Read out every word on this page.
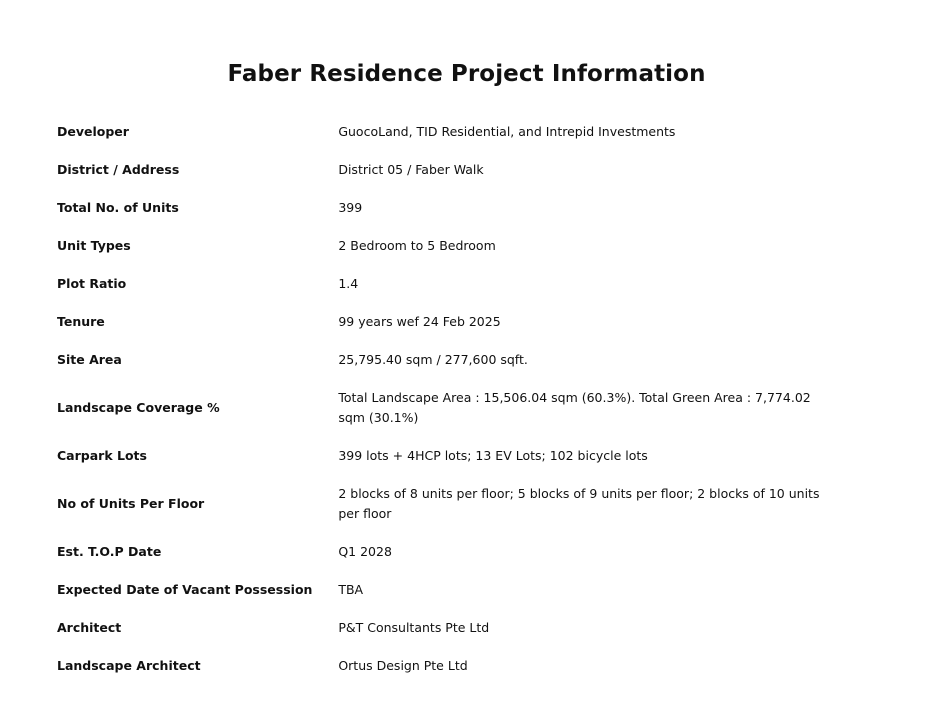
Faber Residence Project Information
Developer	GuocoLand, TID Residential, and Intrepid Investments
District / Address	District 05 / Faber Walk
Total No. of Units	399
Unit Types	2 Bedroom to 5 Bedroom
Plot Ratio	1.4
Tenure	99 years wef 24 Feb 2025
Site Area	25,795.40 sqm / 277,600 sqft.
Landscape Coverage %	Total Landscape Area : 15,506.04 sqm (60.3%). Total Green Area : 7,774.02 sqm (30.1%)
Carpark Lots	399 lots + 4HCP lots; 13 EV Lots; 102 bicycle lots
No of Units Per Floor	2 blocks of 8 units per floor; 5 blocks of 9 units per floor; 2 blocks of 10 units per floor
Est. T.O.P Date	Q1 2028
Expected Date of Vacant Possession	TBA
Architect	P&T Consultants Pte Ltd
Landscape Architect	Ortus Design Pte Ltd
